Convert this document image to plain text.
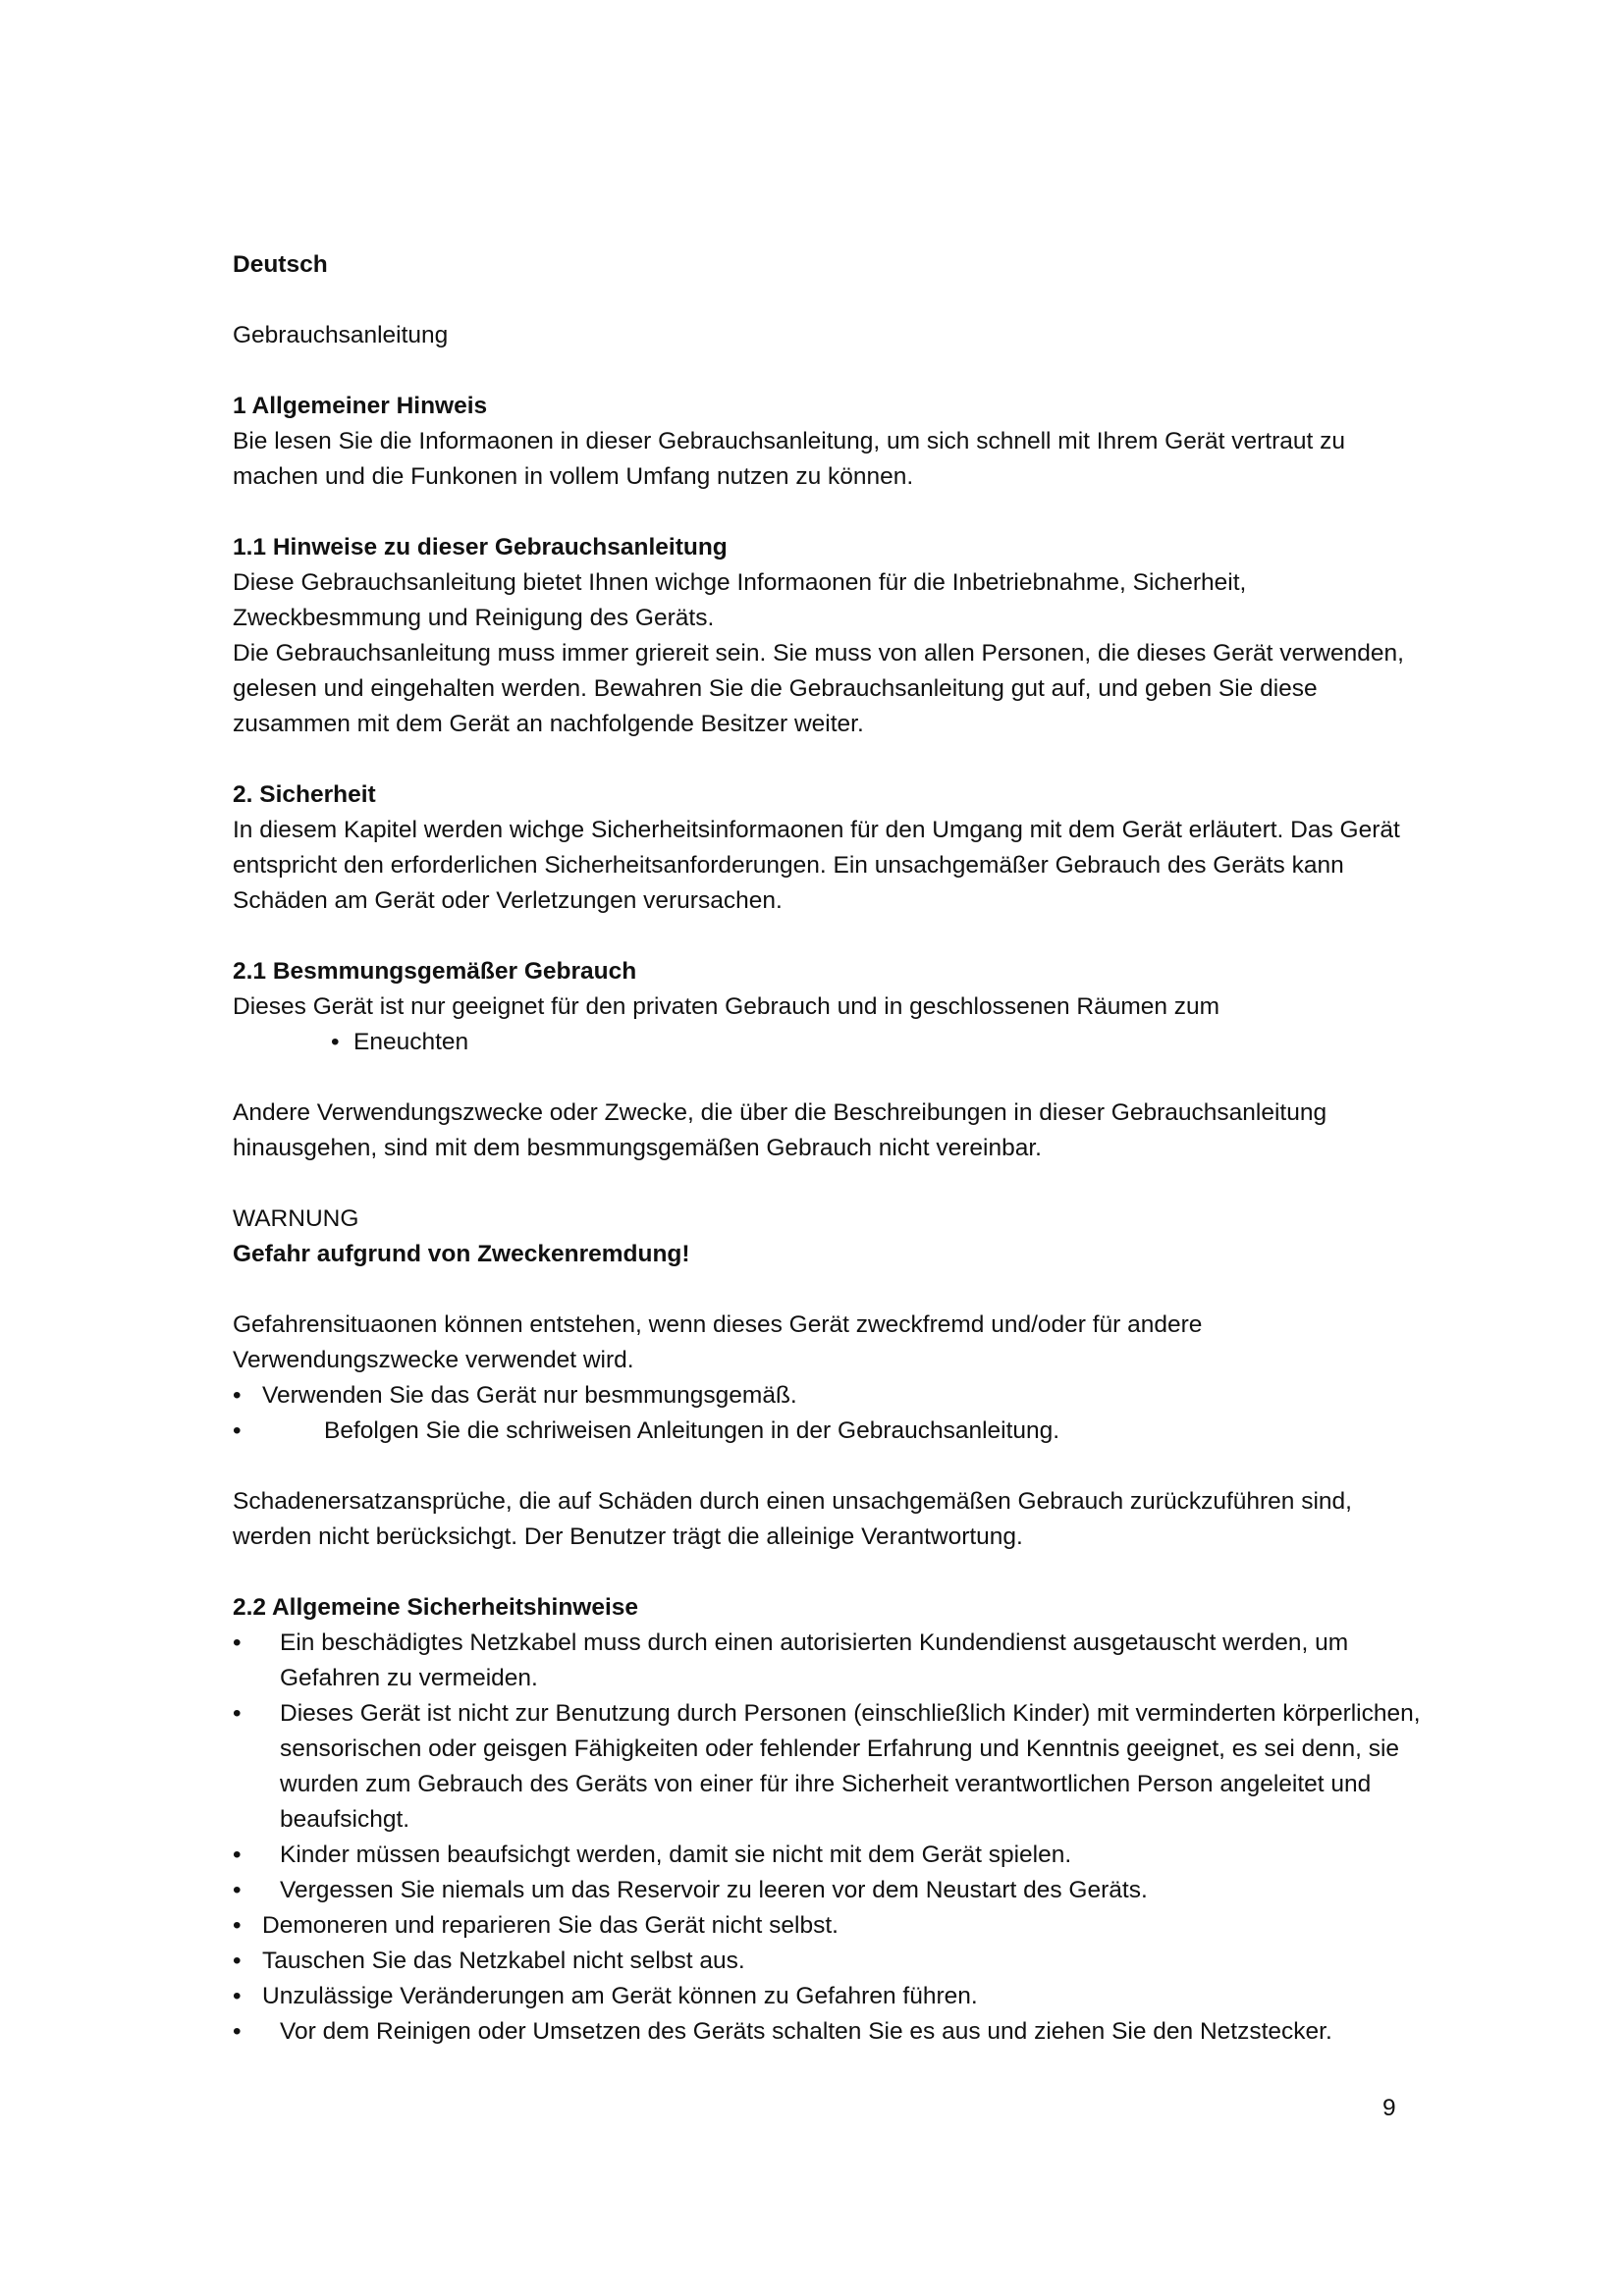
Deutsch

Gebrauchsanleitung

1 Allgemeiner Hinweis

Bie lesen Sie die Informaonen in dieser Gebrauchsanleitung, um sich schnell mit Ihrem Gerät vertraut zu machen und die Funkonen in vollem Umfang nutzen zu können.

1.1 Hinweise zu dieser Gebrauchsanleitung

Diese Gebrauchsanleitung bietet Ihnen wichge Informaonen für die Inbetriebnahme, Sicherheit, Zweckbesmmung und Reinigung des Geräts.

Die Gebrauchsanleitung muss immer griereit sein. Sie muss von allen Personen, die dieses Gerät verwenden, gelesen und eingehalten werden. Bewahren Sie die Gebrauchsanleitung gut auf, und geben Sie diese zusammen mit dem Gerät an nachfolgende Besitzer weiter.

2. Sicherheit

In diesem Kapitel werden wichge Sicherheitsinformaonen für den Umgang mit dem Gerät erläutert. Das Gerät entspricht den erforderlichen Sicherheitsanforderungen. Ein unsachgemäßer Gebrauch des Geräts kann Schäden am Gerät oder Verletzungen verursachen.

2.1 Besmmungsgemäßer Gebrauch

Dieses Gerät ist nur geeignet für den privaten Gebrauch und in geschlossenen Räumen zum

• Eneuchten

Andere Verwendungszwecke oder Zwecke, die über die Beschreibungen in dieser Gebrauchsanleitung hinausgehen, sind mit dem besmmungsgemäßen Gebrauch nicht vereinbar.

WARNUNG

Gefahr aufgrund von Zweckenremdung!

Gefahrensituaonen können entstehen, wenn dieses Gerät zweckfremd und/oder für andere Verwendungszwecke verwendet wird.

• Verwenden Sie das Gerät nur besmmungsgemäß.
• Befolgen Sie die schriweisen Anleitungen in der Gebrauchsanleitung.

Schadenersatzansprüche, die auf Schäden durch einen unsachgemäßen Gebrauch zurückzuführen sind, werden nicht berücksichgt. Der Benutzer trägt die alleinige Verantwortung.

2.2 Allgemeine Sicherheitshinweise

• Ein beschädigtes Netzkabel muss durch einen autorisierten Kundendienst ausgetauscht werden, um Gefahren zu vermeiden.
• Dieses Gerät ist nicht zur Benutzung durch Personen (einschließlich Kinder) mit verminderten körperlichen, sensorischen oder geisgen Fähigkeiten oder fehlender Erfahrung und Kenntnis geeignet, es sei denn, sie wurden zum Gebrauch des Geräts von einer für ihre Sicherheit verantwortlichen Person angeleitet und beaufsichgt.
• Kinder müssen beaufsichgt werden, damit sie nicht mit dem Gerät spielen.
• Vergessen Sie niemals um das Reservoir zu leeren vor dem Neustart des Geräts.
• Demoneren und reparieren Sie das Gerät nicht selbst.
• Tauschen Sie das Netzkabel nicht selbst aus.
• Unzulässige Veränderungen am Gerät können zu Gefahren führen.
• Vor dem Reinigen oder Umsetzen des Geräts schalten Sie es aus und ziehen Sie den Netzstecker.
9
